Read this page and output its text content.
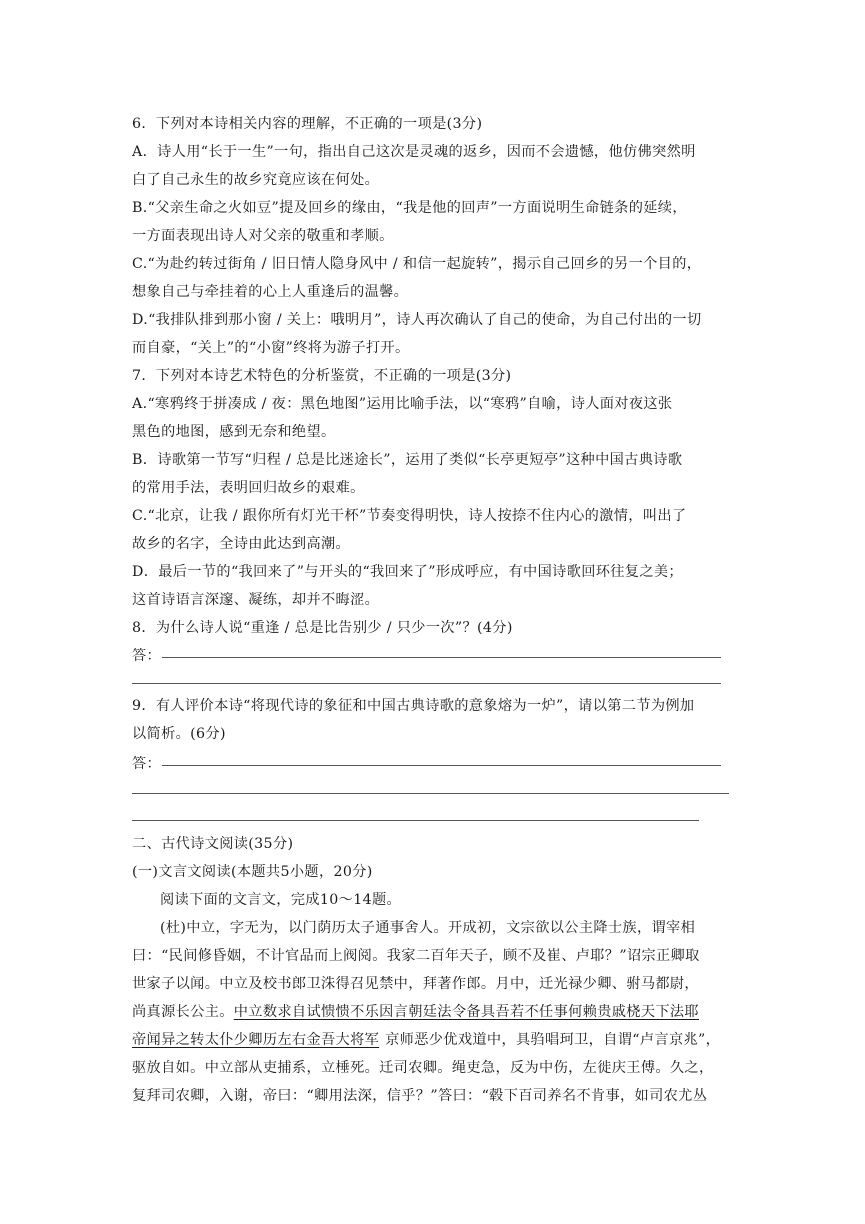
6．下列对本诗相关内容的理解，不正确的一项是(3分)
A．诗人用“长于一生”一句，指出自己这次是灵魂的返乡，因而不会遗憾，他仿佛突然明
白了自己永生的故乡究竟应该在何处。
B.“父亲生命之火如豆”提及回乡的缘由，“我是他的回声”一方面说明生命链条的延续，
一方面表现出诗人对父亲的敬重和孝顺。
C.“为赴约转过街角 / 旧日情人隐身风中 / 和信一起旋转”，揭示自己回乡的另一个目的，
想象自己与牵挂着的心上人重逢后的温馨。
D.“我排队排到那小窗 / 关上：哦明月”，诗人再次确认了自己的使命，为自己付出的一切
而自豪，“关上”的“小窗”终将为游子打开。
7．下列对本诗艺术特色的分析鉴赏，不正确的一项是(3分)
A.“寒鸦终于拼凑成 / 夜：黑色地图”运用比喻手法，以“寒鸦”自喻，诗人面对夜这张
黑色的地图，感到无奈和绝望。
B．诗歌第一节写“归程 / 总是比迷途长”，运用了类似“长亭更短亭”这种中国古典诗歌
的常用手法，表明回归故乡的艰难。
C.“北京，让我 / 跟你所有灯光干杯”节奏变得明快，诗人按捺不住内心的激情，叫出了
故乡的名字，全诗由此达到高潮。
D．最后一节的“我回来了”与开头的“我回来了”形成呼应，有中国诗歌回环往复之美；
这首诗语言深邃、凝练，却并不晦涩。
8．为什么诗人说“重逢 / 总是比告别少 / 只少一次”？(4分)
答：
9．有人评价本诗“将现代诗的象征和中国古典诗歌的意象熔为一炉”，请以第二节为例加
以简析。(6分)
答：
二、古代诗文阅读(35分)
(一)文言文阅读(本题共5小题，20分)
阅读下面的文言文，完成10～14题。
(杜)中立，字无为，以门荫历太子通事舍人。开成初，文宗欲以公主降士族，谓宰相
曰：“民间修昏姻，不计官品而上阀阅。我家二百年天子，顾不及崔、卢耶？”诏宗正卿取
世家子以闻。中立及校书郎卫洙得召见禁中，拜著作郎。月中，迁光禄少卿、驸马都尉，
尚真源长公主。中立数求自试愦愦不乐因言朝廷法令备具吾若不任事何赖贵戚桡天下法耶
帝闻异之转太仆少卿历左右金吾大将军 京师恶少优戏道中，具驺唱珂卫，自谓“卢言京兆”，
驱放自如。中立部从吏捕系，立棰死。迁司农卿。绳吏急，反为中伤，左徙庆王傅。久之，
复拜司农卿，入谢，帝曰：“卿用法深，信乎？”答曰：“毂下百司养名不肯事，如司农尤丛
